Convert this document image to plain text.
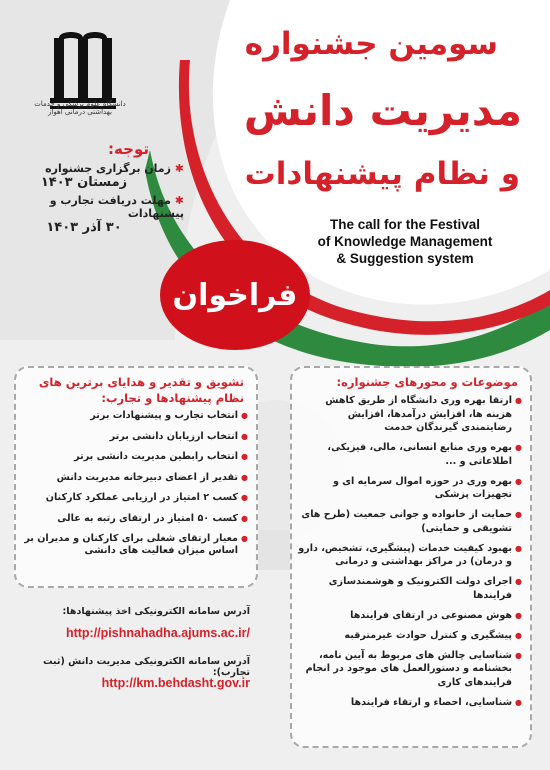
دانشگاه علوم پزشکی و خدمات بهداشتی درمانی اهواز
سومین جشنواره
مدیریت دانش
و نظام پیشنهادات
The call for the Festival
of Knowledge Management
& Suggestion system
توجه:
✱ زمان برگزاری جشنواره
زمستان ۱۴۰۳
✱ مهلت دریافت تجارب و پیشنهادات
۳۰ آذر ۱۴۰۳
فراخوان
تشویق و تقدیر و هدایای برترین های نظام پیشنهادها و تجارب:
● انتخاب تجارب و پیشنهادات برتر
● انتخاب ارزیابان دانشی برتر
● انتخاب رابطین مدیریت دانشی برتر
● تقدیر از اعضای دبیرخانه مدیریت دانش
● کسب ۲ امتیاز در ارزیابی عملکرد کارکنان
● کسب ۵۰ امتیاز در ارتقای رتبه به عالی
● معیار ارتقای شغلی برای کارکنان و مدیران بر اساس میزان فعالیت های دانشی
موضوعات و محورهای جشنواره:
● ارتقا بهره وری دانشگاه از طریق کاهش هزینه ها، افزایش درآمدها، افزایش رضایتمندی گیرندگان خدمت
● بهره وری منابع انسانی، مالی، فیزیکی، اطلاعاتی و ...
● بهره وری در حوزه اموال سرمایه ای و تجهیزات پزشکی
● حمایت از خانواده و جوانی جمعیت (طرح های تشویقی و حمایتی)
● بهبود کیفیت خدمات (پیشگیری، تشخیص، دارو و درمان) در مراکز بهداشتی و درمانی
● اجرای دولت الکترونیک و هوشمندسازی فرایندها
● هوش مصنوعی در ارتقای فرایندها
● پیشگیری و کنترل حوادث غیرمترقبه
● شناسایی چالش های مربوط به آیین نامه، بخشنامه و دستورالعمل های موجود در انجام فرایندهای کاری
● شناسایی، احصاء و ارتقاء فرایندها
آدرس سامانه الکترونیکی اخذ پیشنهادها:
http://pishnahadha.ajums.ac.ir/
آدرس سامانه الکترونیکی مدیریت دانش (ثبت تجارب):
http://km.behdasht.gov.ir
